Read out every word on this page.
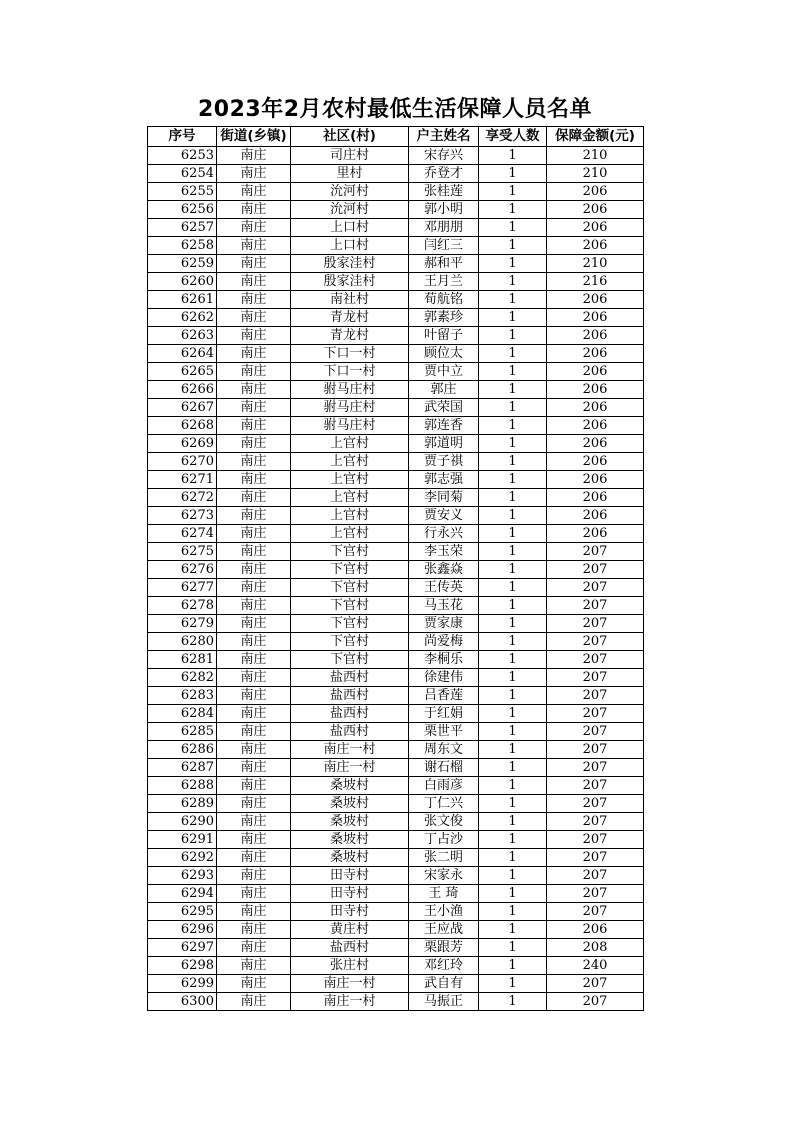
2023年2月农村最低生活保障人员名单
序号	街道(乡镇)	社区(村)	户主姓名	享受人数	保障金额(元)
6253	南庄	司庄村	宋存兴	1	210
6254	南庄	里村	乔登才	1	210
6255	南庄	沇河村	张桂莲	1	206
6256	南庄	沇河村	郭小明	1	206
6257	南庄	上口村	邓朋朋	1	206
6258	南庄	上口村	闫红三	1	206
6259	南庄	殷家洼村	郝和平	1	210
6260	南庄	殷家洼村	王月兰	1	216
6261	南庄	南社村	荀航铭	1	206
6262	南庄	青龙村	郭素珍	1	206
6263	南庄	青龙村	叶留子	1	206
6264	南庄	下口一村	顾位太	1	206
6265	南庄	下口一村	贾中立	1	206
6266	南庄	驸马庄村	郭庄	1	206
6267	南庄	驸马庄村	武荣国	1	206
6268	南庄	驸马庄村	郭连香	1	206
6269	南庄	上官村	郭道明	1	206
6270	南庄	上官村	贾子祺	1	206
6271	南庄	上官村	郭志强	1	206
6272	南庄	上官村	李同菊	1	206
6273	南庄	上官村	贾安义	1	206
6274	南庄	上官村	行永兴	1	206
6275	南庄	下官村	李玉荣	1	207
6276	南庄	下官村	张鑫焱	1	207
6277	南庄	下官村	王传英	1	207
6278	南庄	下官村	马玉花	1	207
6279	南庄	下官村	贾家康	1	207
6280	南庄	下官村	尚爱梅	1	207
6281	南庄	下官村	李桐乐	1	207
6282	南庄	盐西村	徐建伟	1	207
6283	南庄	盐西村	吕香莲	1	207
6284	南庄	盐西村	于红娟	1	207
6285	南庄	盐西村	栗世平	1	207
6286	南庄	南庄一村	周东文	1	207
6287	南庄	南庄一村	谢石榴	1	207
6288	南庄	桑坡村	白雨彦	1	207
6289	南庄	桑坡村	丁仁兴	1	207
6290	南庄	桑坡村	张文俊	1	207
6291	南庄	桑坡村	丁占沙	1	207
6292	南庄	桑坡村	张二明	1	207
6293	南庄	田寺村	宋家永	1	207
6294	南庄	田寺村	王 琦	1	207
6295	南庄	田寺村	王小渔	1	207
6296	南庄	黄庄村	王应战	1	206
6297	南庄	盐西村	栗跟芳	1	208
6298	南庄	张庄村	邓红玲	1	240
6299	南庄	南庄一村	武自有	1	207
6300	南庄	南庄一村	马振正	1	207
